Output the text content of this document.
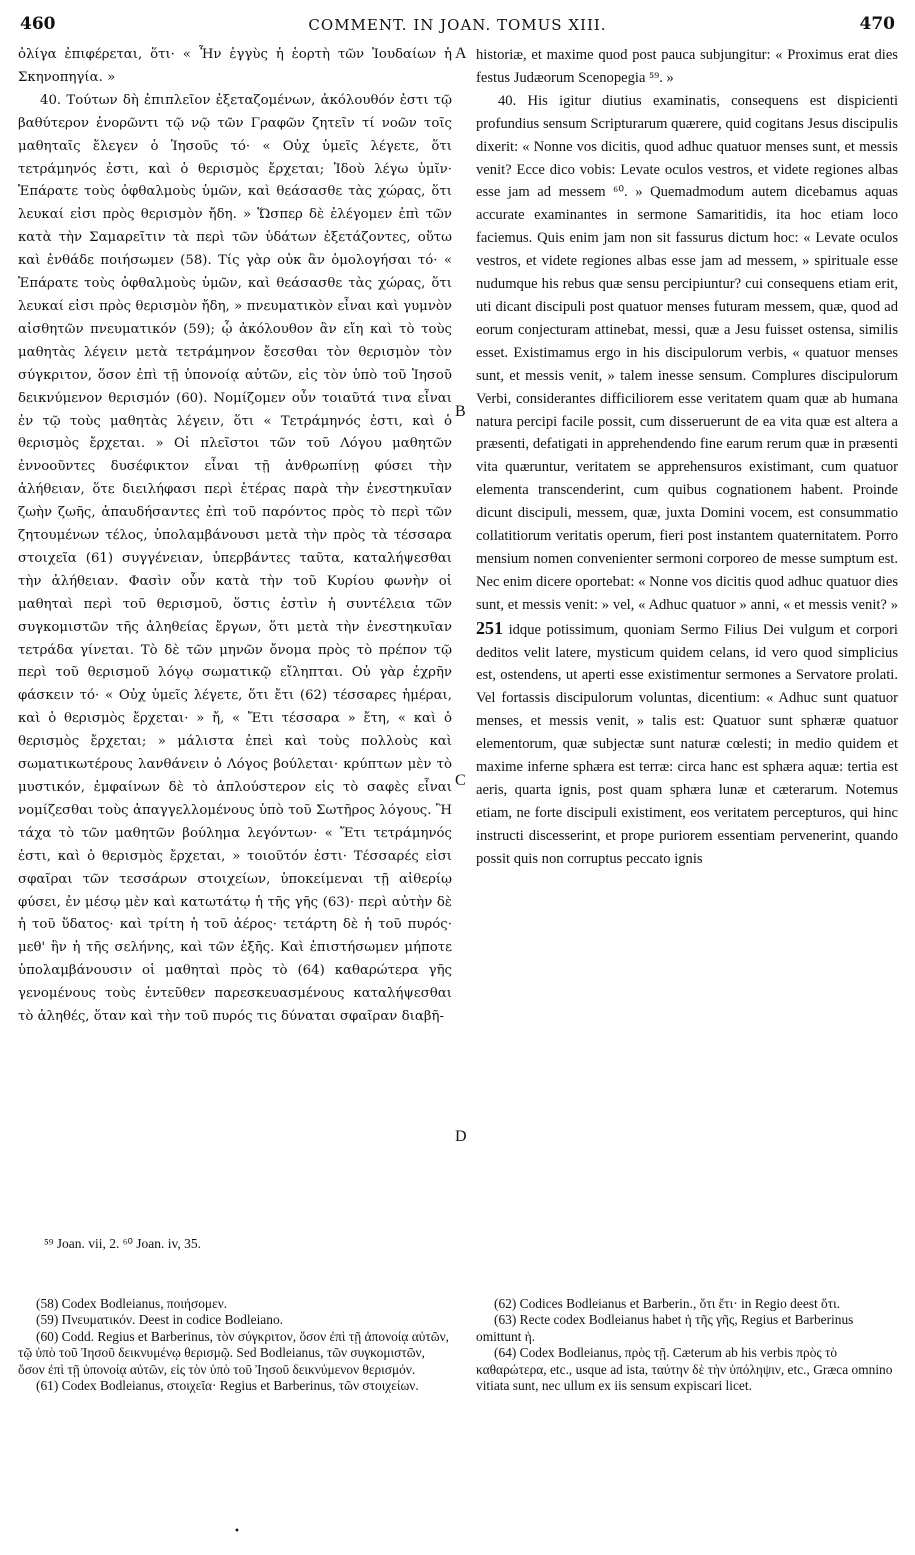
460	COMMENT. IN JOAN. TOMUS XIII.	470

ὀλίγα ἐπιφέρεται, ὅτι· « Ἦν ἐγγὺς ἡ ἑορτὴ τῶν Ἰουδαίων ἡ Σκηνοπηγία. »

40. Τούτων δὴ ἐπιπλεῖον ἐξεταζομένων, ἀκόλουθόν ἐστι τῷ βαθύτερον ἐνορῶντι τῷ νῷ τῶν Γραφῶν ζητεῖν τί νοῶν τοῖς μαθηταῖς ἔλεγεν ὁ Ἰησοῦς τό· « Οὐχ ὑμεῖς λέγετε, ὅτι τετράμηνός ἐστι, καὶ ὁ θερισμὸς ἔρχεται; Ἰδοὺ λέγω ὑμῖν· Ἐπάρατε τοὺς ὀφθαλμοὺς ὑμῶν, καὶ θεάσασθε τὰς χώρας, ὅτι λευκαί εἰσι πρὸς θερισμὸν ἤδη. » Ὥσπερ δὲ ἐλέγομεν ἐπὶ τῶν κατὰ τὴν Σαμαρεῖτιν τὰ περὶ τῶν ὑδάτων ἐξετάζοντες, οὕτω καὶ ἐνθάδε ποιήσωμεν (58). Τίς γὰρ οὐκ ἂν ὁμολογήσαι τό· « Ἐπάρατε τοὺς ὀφθαλμοὺς ὑμῶν, καὶ θεάσασθε τὰς χώρας, ὅτι λευκαί εἰσι πρὸς θερισμὸν ἤδη, » πνευματικὸν εἶναι καὶ γυμνὸν αἰσθητῶν πνευματικόν (59); ᾧ ἀκόλουθον ἂν εἴη καὶ τὸ τοὺς μαθητὰς λέγειν μετὰ τετράμηνον ἔσεσθαι τὸν θερισμὸν τὸν σύγκριτον, ὅσον ἐπὶ τῇ ὑπονοίᾳ αὐτῶν, εἰς τὸν ὑπὸ τοῦ Ἰησοῦ δεικνύμενον θερισμόν (60). Νομίζομεν οὖν τοιαῦτά τινα εἶναι ἐν τῷ τοὺς μαθητὰς λέγειν, ὅτι « Τετράμηνός ἐστι, καὶ ὁ θερισμὸς ἔρχεται. » Οἱ πλεῖστοι τῶν τοῦ Λόγου μαθητῶν ἐννοοῦντες δυσέφικτον εἶναι τῇ ἀνθρωπίνῃ φύσει τὴν ἀλήθειαν, ὅτε διειλήφασι περὶ ἑτέρας παρὰ τὴν ἐνεστηκυῖαν ζωὴν ζωῆς, ἀπαυδήσαντες ἐπὶ τοῦ παρόντος πρὸς τὸ περὶ τῶν ζητουμένων τέλος, ὑπολαμβάνουσι μετὰ τὴν πρὸς τὰ τέσσαρα στοιχεῖα (61) συγγένειαν, ὑπερβάντες ταῦτα, καταλήψεσθαι τὴν ἀλήθειαν. Φασὶν οὖν κατὰ τὴν τοῦ Κυρίου φωνὴν οἱ μαθηταὶ περὶ τοῦ θερισμοῦ, ὅστις ἐστὶν ἡ συντέλεια τῶν συγκομιστῶν τῆς ἀληθείας ἔργων, ὅτι μετὰ τὴν ἐνεστηκυῖαν τετράδα γίνεται. Τὸ δὲ τῶν μηνῶν ὄνομα πρὸς τὸ πρέπον τῷ περὶ τοῦ θερισμοῦ λόγῳ σωματικῷ εἴληπται. Οὐ γὰρ ἐχρῆν φάσκειν τό· « Οὐχ ὑμεῖς λέγετε, ὅτι ἔτι (62) τέσσαρες ἡμέραι, καὶ ὁ θερισμὸς ἔρχεται· » ἤ, « Ἔτι τέσσαρα » ἔτη, « καὶ ὁ θερισμὸς ἔρχεται; » μάλιστα ἐπεὶ καὶ τοὺς πολλοὺς καὶ σωματικωτέρους λανθάνειν ὁ Λόγος βούλεται· κρύπτων μὲν τὸ μυστικόν, ἐμφαίνων δὲ τὸ ἁπλούστερον εἰς τὸ σαφὲς εἶναι νομίζεσθαι τοὺς ἀπαγγελλομένους ὑπὸ τοῦ Σωτῆρος λόγους. Ἢ τάχα τὸ τῶν μαθητῶν βούλημα λεγόντων· « Ἔτι τετράμηνός ἐστι, καὶ ὁ θερισμὸς ἔρχεται, » τοιοῦτόν ἐστι· Τέσσαρές εἰσι σφαῖραι τῶν τεσσάρων στοιχείων, ὑποκείμεναι τῇ αἰθερίῳ φύσει, ἐν μέσῳ μὲν καὶ κατωτάτῳ ἡ τῆς γῆς (63)· περὶ αὐτὴν δὲ ἡ τοῦ ὕδατος· καὶ τρίτη ἡ τοῦ ἀέρος· τετάρτη δὲ ἡ τοῦ πυρός· μεθ' ἣν ἡ τῆς σελήνης, καὶ τῶν ἑξῆς. Καὶ ἐπιστήσωμεν μήποτε ὑπολαμβάνουσιν οἱ μαθηταὶ πρὸς τὸ (64) καθαρώτερα γῆς γενομένους τοὺς ἐντεῦθεν παρεσκευασμένους καταλήψεσθαι τὸ ἀληθές, ὅταν καὶ τὴν τοῦ πυρός τις δύναται σφαῖραν διαβῆ-

historiæ, et maxime quod post pauca subjungitur: « Proximus erat dies festus Judæorum Scenopegia ⁵⁹. »

40. His igitur diutius examinatis, consequens est dispicienti profundius sensum Scripturarum quærere, quid cogitans Jesus discipulis dixerit: « Nonne vos dicitis, quod adhuc quatuor menses sunt, et messis venit? Ecce dico vobis: Levate oculos vestros, et videte regiones albas esse jam ad messem ⁶⁰. » Quemadmodum autem dicebamus aquas accurate examinantes in sermone Samaritidis, ita hoc etiam loco faciemus. Quis enim jam non sit fassurus dictum hoc: « Levate oculos vestros, et videte regiones albas esse jam ad messem, » spirituale esse nudumque his rebus quæ sensu percipiuntur? cui consequens etiam erit, uti dicant discipuli post quatuor menses futuram messem, quæ, quod ad eorum conjecturam attinebat, messi, quæ a Jesu fuisset ostensa, similis esset. Existimamus ergo in his discipulorum verbis, « quatuor menses sunt, et messis venit, » talem inesse sensum. Complures discipulorum Verbi, considerantes difficiliorem esse veritatem quam quæ ab humana natura percipi facile possit, cum disseruerunt de ea vita quæ est altera a præsenti, defatigati in apprehendendo fine earum rerum quæ in præsenti vita quæruntur, veritatem se apprehensuros existimant, cum quatuor elementa transcenderint, cum quibus cognationem habent. Proinde dicunt discipuli, messem, quæ, juxta Domini vocem, est consummatio collatitiorum veritatis operum, fieri post instantem quaternitatem. Porro mensium nomen convenienter sermoni corporeo de messe sumptum est. Nec enim dicere oportebat: « Nonne vos dicitis quod adhuc quatuor dies sunt, et messis venit: » vel, « Adhuc quatuor » anni, « et messis venit? » 251 idque potissimum, quoniam Sermo Filius Dei vulgum et corpori deditos velit latere, mysticum quidem celans, id vero quod simplicius est, ostendens, ut aperti esse existimentur sermones a Servatore prolati. Vel fortassis discipulorum voluntas, dicentium: « Adhuc sunt quatuor menses, et messis venit, » talis est: Quatuor sunt sphæræ quatuor elementorum, quæ subjectæ sunt naturæ cœlesti; in medio quidem et maxime inferne sphæra est terræ: circa hanc est sphæra aquæ: tertia est aeris, quarta ignis, post quam sphæra lunæ et cæterarum. Notemus etiam, ne forte discipuli existiment, eos veritatem percepturos, qui hinc instructi discesserint, et prope puriorem essentiam pervenerint, quando possit quis non corruptus peccato ignis

A
B
C
D
⁵⁹ Joan. vii, 2. ⁶⁰ Joan. iv, 35.

(58) Codex Bodleianus, ποιήσομεν.

(59) Πνευματικόν. Deest in codice Bodleiano.

(60) Codd. Regius et Barberinus, τὸν σύγκριτον, ὅσον ἐπὶ τῇ ἀπονοίᾳ αὐτῶν, τῷ ὑπὸ τοῦ Ἰησοῦ δεικνυμένῳ θερισμῷ. Sed Bodleianus, τῶν συγκομιστῶν, ὅσον ἐπὶ τῇ ὑπονοίᾳ αὐτῶν, εἰς τὸν ὑπὸ τοῦ Ἰησοῦ δεικνύμενον θερισμόν.

(61) Codex Bodleianus, στοιχεῖα· Regius et Barberinus, τῶν στοιχείων.

(62) Codices Bodleianus et Barberin., ὅτι ἔτι· in Regio deest ὅτι.

(63) Recte codex Bodleianus habet ἡ τῆς γῆς, Regius et Barberinus omittunt ἡ.

(64) Codex Bodleianus, πρὸς τῇ. Cæterum ab his verbis πρὸς τὸ καθαρώτερα, etc., usque ad ista, ταύτην δὲ τὴν ὑπόληψιν, etc., Græca omnino vitiata sunt, nec ullum ex iis sensum expiscari licet.

•
